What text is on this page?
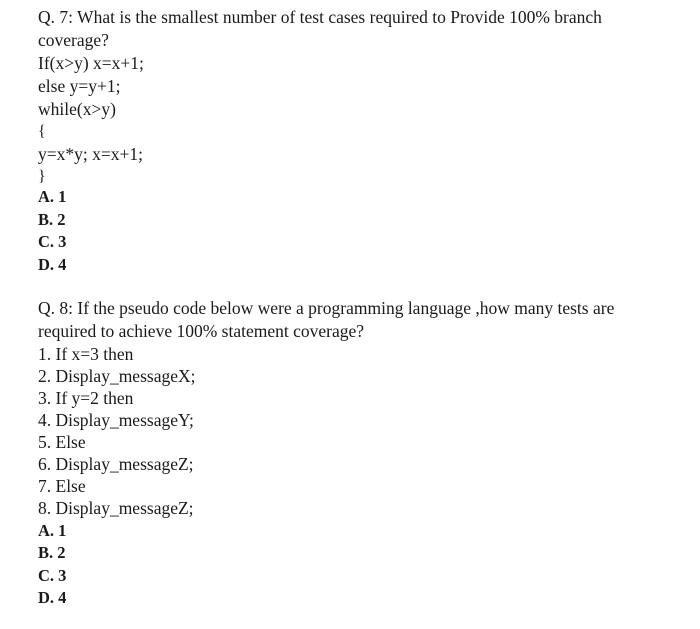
Q. 7: What is the smallest number of test cases required to Provide 100% branch
coverage?
If(x>y) x=x+1;
else y=y+1;
while(x>y)
{
y=x*y; x=x+1;
}
A. 1
B. 2
C. 3
D. 4
Q. 8: If the pseudo code below were a programming language ,how many tests are
required to achieve 100% statement coverage?
1. If x=3 then
2. Display_messageX;
3. If y=2 then
4. Display_messageY;
5. Else
6. Display_messageZ;
7. Else
8. Display_messageZ;
A. 1
B. 2
C. 3
D. 4
